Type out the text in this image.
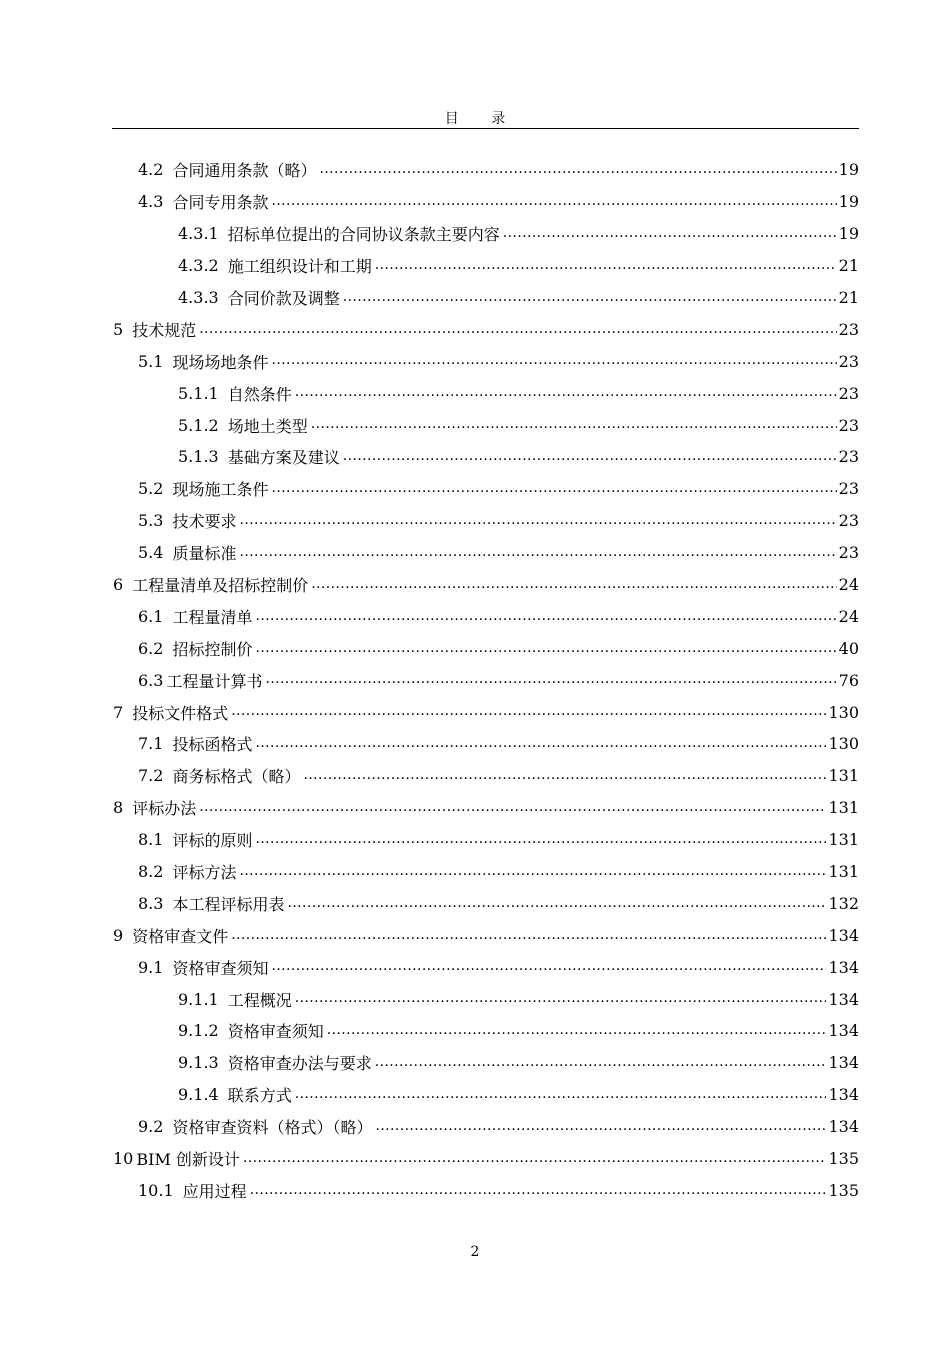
目 录
4.2 合同通用条款（略） .....	19
4.3 合同专用条款 .....	19
4.3.1 招标单位提出的合同协议条款主要内容 .....	19
4.3.2 施工组织设计和工期 .....	21
4.3.3 合同价款及调整 .....	21
5 技术规范 .....	23
5.1 现场场地条件 .....	23
5.1.1 自然条件 .....	23
5.1.2 场地土类型 .....	23
5.1.3 基础方案及建议 .....	23
5.2 现场施工条件 .....	23
5.3 技术要求 .....	23
5.4 质量标准 .....	23
6 工程量清单及招标控制价 .....	24
6.1 工程量清单 .....	24
6.2 招标控制价 .....	40
6.3 工程量计算书 .....	76
7 投标文件格式 .....	130
7.1 投标函格式 .....	130
7.2 商务标格式（略） .....	131
8 评标办法 .....	131
8.1 评标的原则 .....	131
8.2 评标方法 .....	131
8.3 本工程评标用表 .....	132
9 资格审查文件 .....	134
9.1 资格审查须知 .....	134
9.1.1 工程概况 .....	134
9.1.2 资格审查须知 .....	134
9.1.3 资格审查办法与要求 .....	134
9.1.4 联系方式 .....	134
9.2 资格审查资料（格式）（略） .....	134
10 BIM 创新设计 .....	135
10.1 应用过程 .....	135
2
